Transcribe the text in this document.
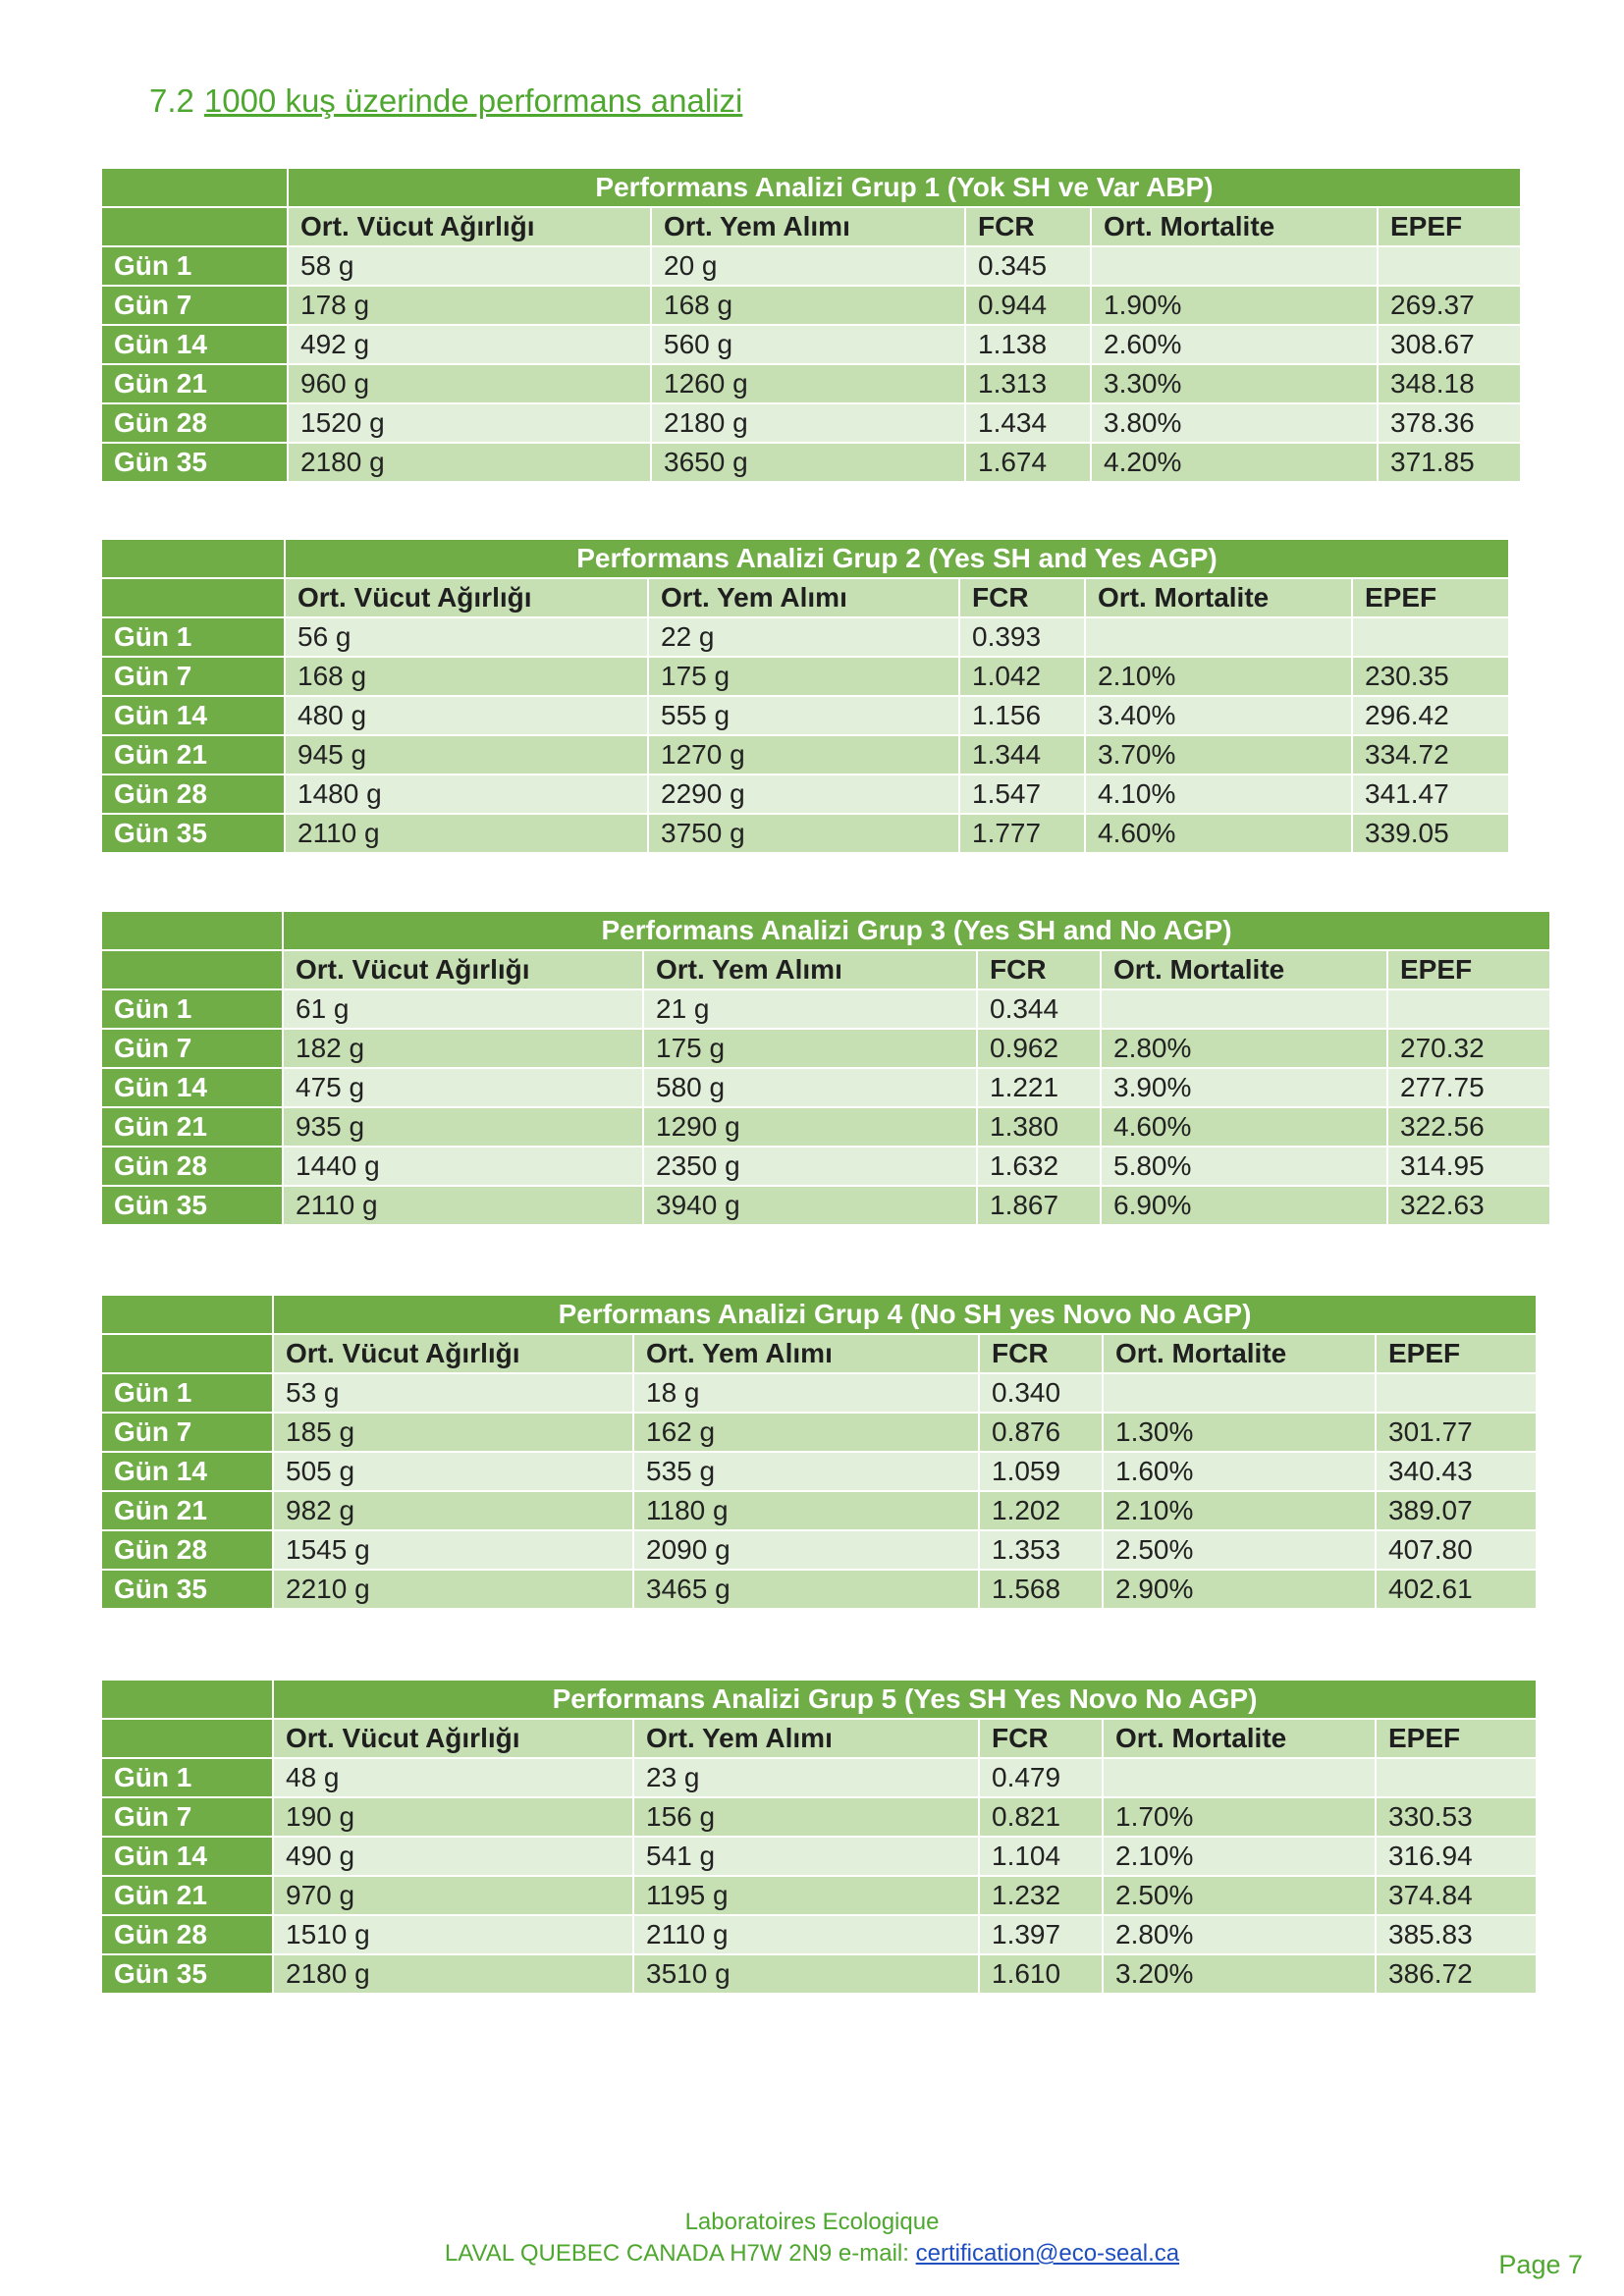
7.2 1000 kuş üzerinde performans analizi
	Performans Analizi Grup 1 (Yok SH ve Var ABP)				
	Ort. Vücut Ağırlığı	Ort. Yem Alımı	FCR	Ort. Mortalite	EPEF
Gün 1	58 g	20 g	0.345		
Gün 7	178 g	168 g	0.944	1.90%	269.37
Gün 14	492 g	560 g	1.138	2.60%	308.67
Gün 21	960 g	1260 g	1.313	3.30%	348.18
Gün 28	1520 g	2180 g	1.434	3.80%	378.36
Gün 35	2180 g	3650 g	1.674	4.20%	371.85
	Performans Analizi Grup 2 (Yes SH and Yes AGP)				
	Ort. Vücut Ağırlığı	Ort. Yem Alımı	FCR	Ort. Mortalite	EPEF
Gün 1	56 g	22 g	0.393		
Gün 7	168 g	175 g	1.042	2.10%	230.35
Gün 14	480 g	555 g	1.156	3.40%	296.42
Gün 21	945 g	1270 g	1.344	3.70%	334.72
Gün 28	1480 g	2290 g	1.547	4.10%	341.47
Gün 35	2110 g	3750 g	1.777	4.60%	339.05
	Performans Analizi Grup 3 (Yes SH and No AGP)				
	Ort. Vücut Ağırlığı	Ort. Yem Alımı	FCR	Ort. Mortalite	EPEF
Gün 1	61 g	21 g	0.344		
Gün 7	182 g	175 g	0.962	2.80%	270.32
Gün 14	475 g	580 g	1.221	3.90%	277.75
Gün 21	935 g	1290 g	1.380	4.60%	322.56
Gün 28	1440 g	2350 g	1.632	5.80%	314.95
Gün 35	2110 g	3940 g	1.867	6.90%	322.63
	Performans Analizi Grup 4 (No SH yes Novo No AGP)				
	Ort. Vücut Ağırlığı	Ort. Yem Alımı	FCR	Ort. Mortalite	EPEF
Gün 1	53 g	18 g	0.340		
Gün 7	185 g	162 g	0.876	1.30%	301.77
Gün 14	505 g	535 g	1.059	1.60%	340.43
Gün 21	982 g	1180 g	1.202	2.10%	389.07
Gün 28	1545 g	2090 g	1.353	2.50%	407.80
Gün 35	2210 g	3465 g	1.568	2.90%	402.61
	Performans Analizi Grup 5 (Yes SH Yes Novo No AGP)				
	Ort. Vücut Ağırlığı	Ort. Yem Alımı	FCR	Ort. Mortalite	EPEF
Gün 1	48 g	23 g	0.479		
Gün 7	190 g	156 g	0.821	1.70%	330.53
Gün 14	490 g	541 g	1.104	2.10%	316.94
Gün 21	970 g	1195 g	1.232	2.50%	374.84
Gün 28	1510 g	2110 g	1.397	2.80%	385.83
Gün 35	2180 g	3510 g	1.610	3.20%	386.72
Laboratoires Ecologique
LAVAL QUEBEC CANADA H7W 2N9 e-mail: certification@eco-seal.ca	Page 7
